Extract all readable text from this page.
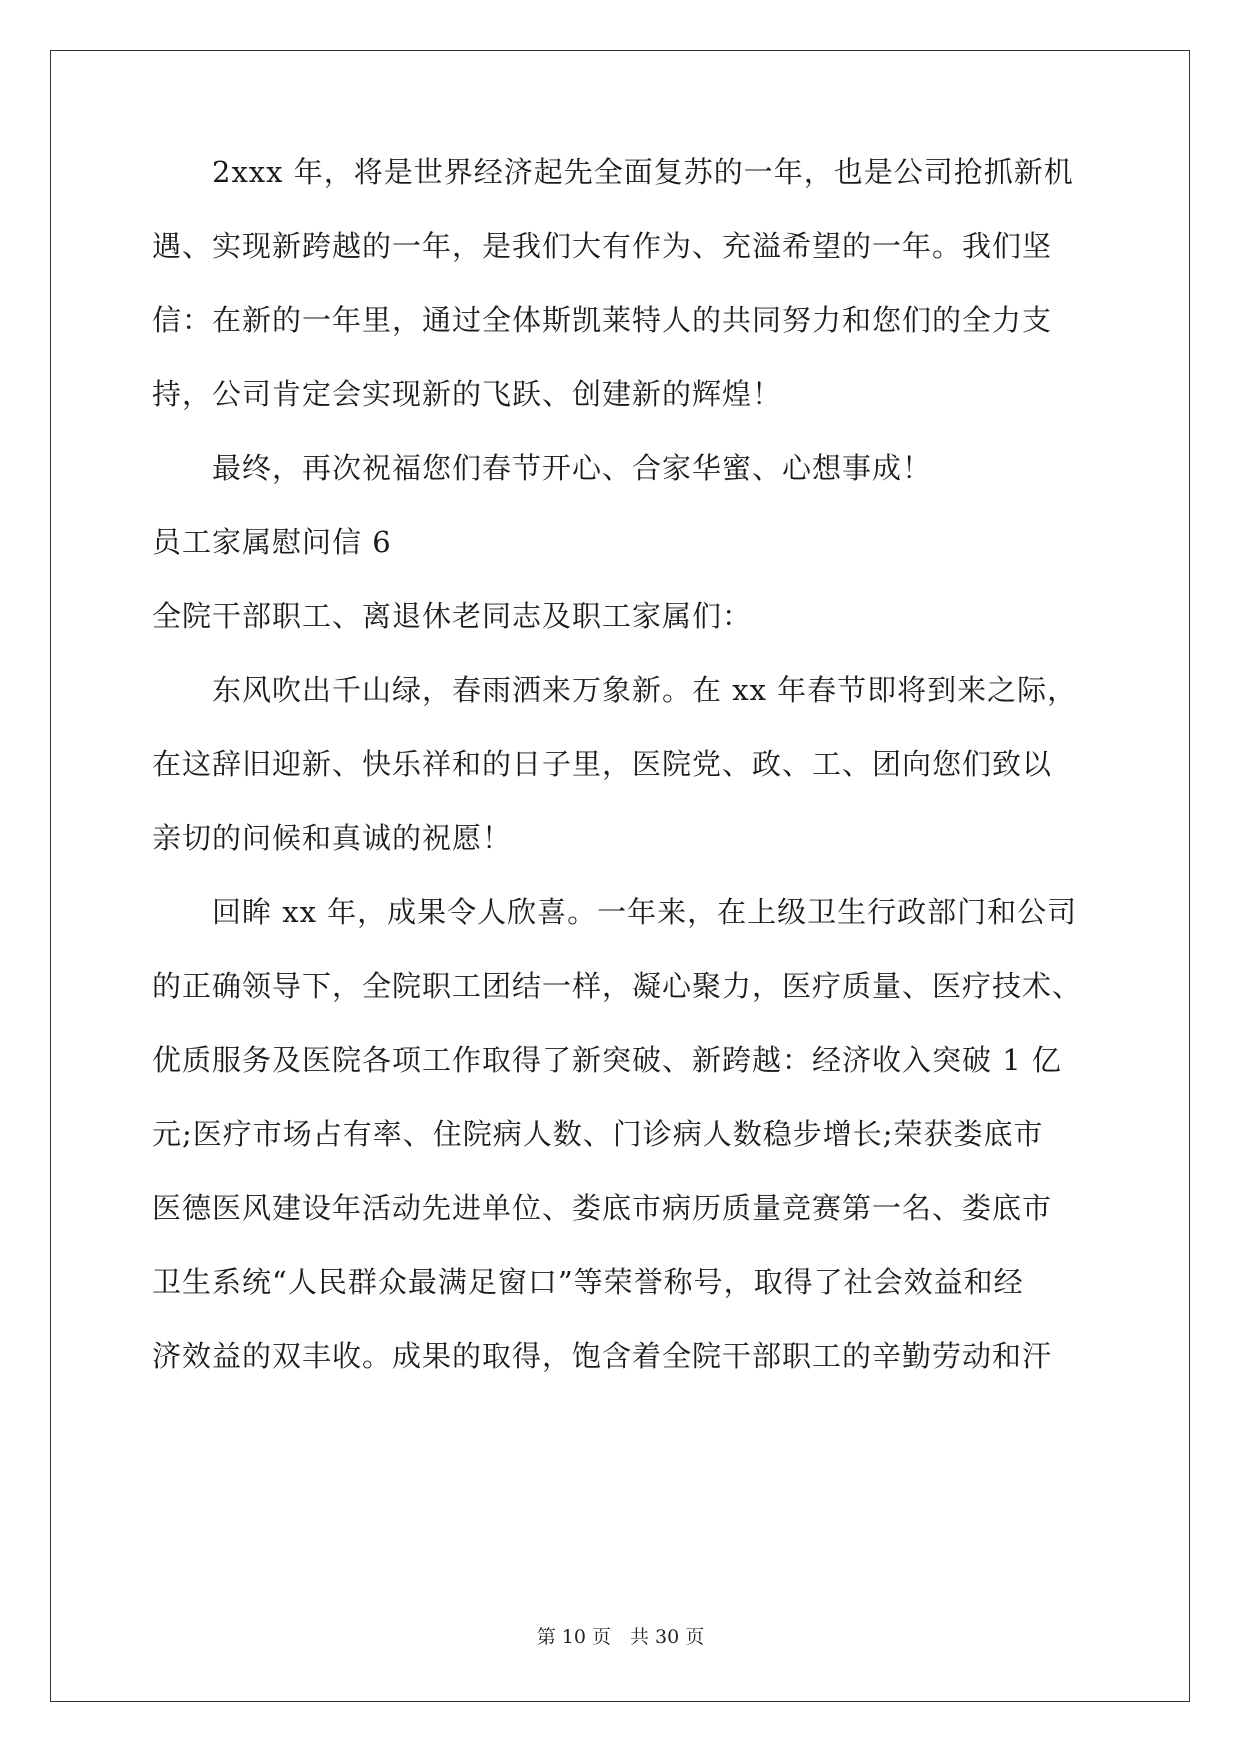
　　2xxx 年，将是世界经济起先全面复苏的一年，也是公司抢抓新机
遇、实现新跨越的一年，是我们大有作为、充溢希望的一年。我们坚
信：在新的一年里，通过全体斯凯莱特人的共同努力和您们的全力支
持，公司肯定会实现新的飞跃、创建新的辉煌！
　　最终，再次祝福您们春节开心、合家华蜜、心想事成！
员工家属慰问信 6
全院干部职工、离退休老同志及职工家属们：
　　东风吹出千山绿，春雨洒来万象新。在 xx 年春节即将到来之际，
在这辞旧迎新、快乐祥和的日子里，医院党、政、工、团向您们致以
亲切的问候和真诚的祝愿！
　　回眸 xx 年，成果令人欣喜。一年来，在上级卫生行政部门和公司
的正确领导下，全院职工团结一样，凝心聚力，医疗质量、医疗技术、
优质服务及医院各项工作取得了新突破、新跨越：经济收入突破 1 亿
元;医疗市场占有率、住院病人数、门诊病人数稳步增长;荣获娄底市
医德医风建设年活动先进单位、娄底市病历质量竞赛第一名、娄底市
卫生系统“人民群众最满足窗口”等荣誉称号，取得了社会效益和经
济效益的双丰收。成果的取得，饱含着全院干部职工的辛勤劳动和汗
第 10 页　共 30 页
